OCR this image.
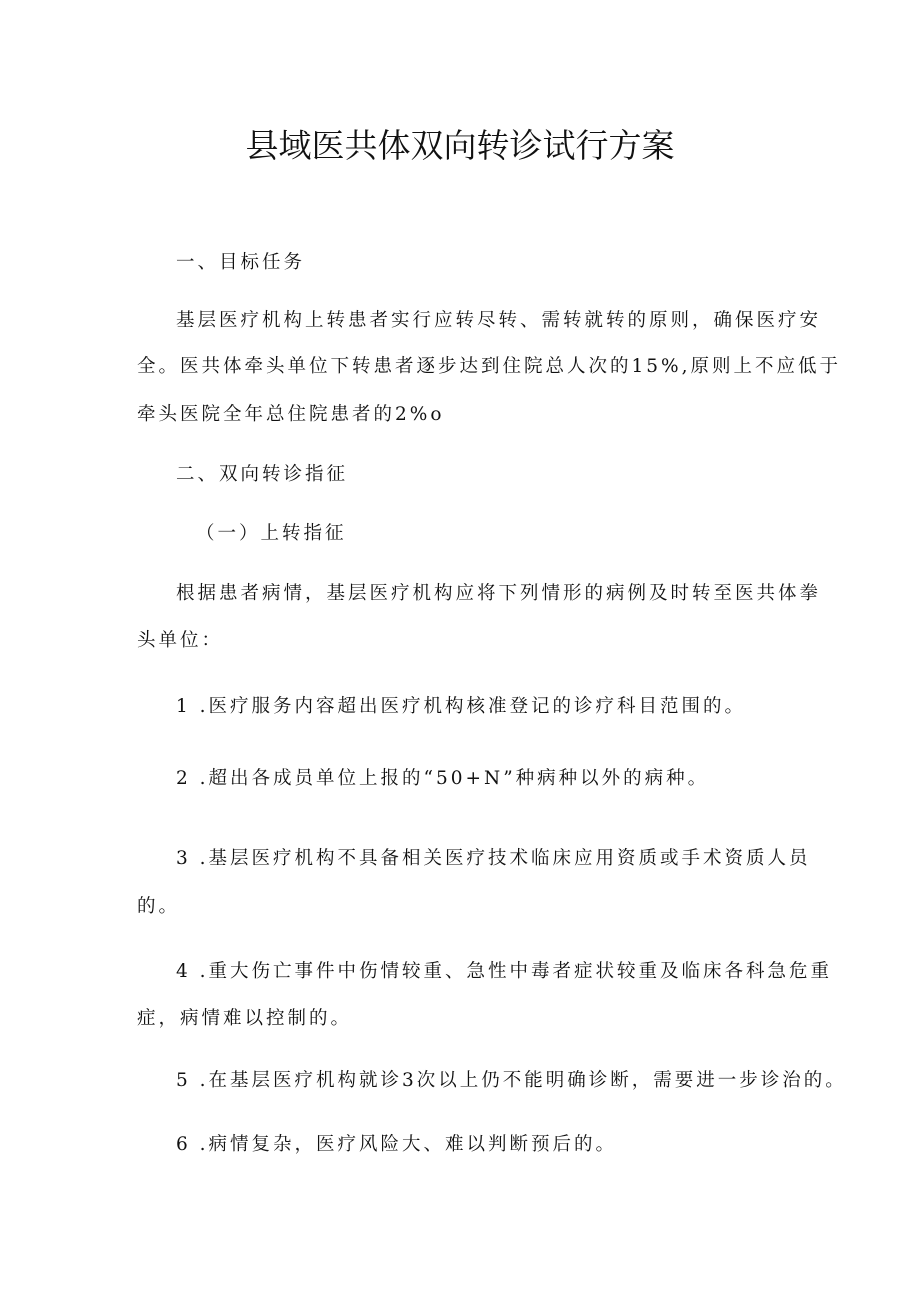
县域医共体双向转诊试行方案
一、目标任务
基层医疗机构上转患者实行应转尽转、需转就转的原则，确保医疗安
全。医共体牵头单位下转患者逐步达到住院总人次的15%,原则上不应低于
牵头医院全年总住院患者的2%o
二、双向转诊指征
（一）上转指征
根据患者病情，基层医疗机构应将下列情形的病例及时转至医共体拳
头单位：
1 .医疗服务内容超出医疗机构核准登记的诊疗科目范围的。
2 .超出各成员单位上报的“50+N”种病种以外的病种。
3 .基层医疗机构不具备相关医疗技术临床应用资质或手术资质人员
的。
4 .重大伤亡事件中伤情较重、急性中毒者症状较重及临床各科急危重
症，病情难以控制的。
5 .在基层医疗机构就诊3次以上仍不能明确诊断，需要进一步诊治的。
6 .病情复杂，医疗风险大、难以判断预后的。
